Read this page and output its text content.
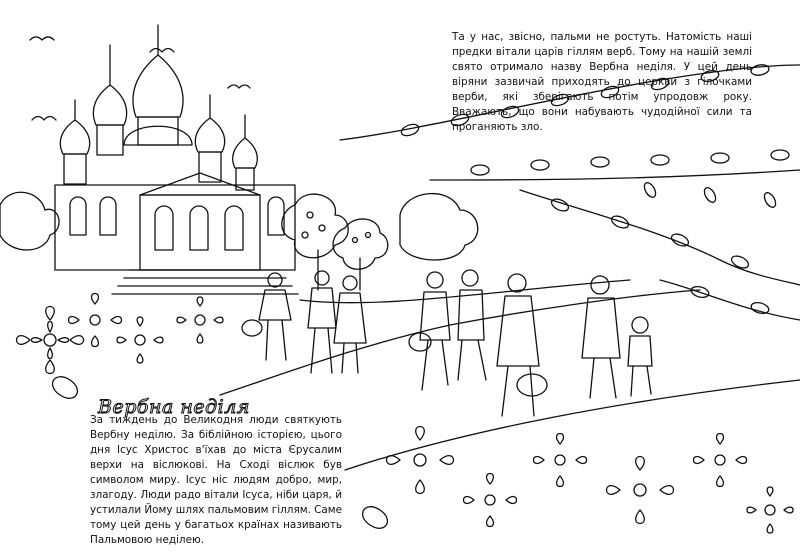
Вербна неділя

Та у нас, звісно, пальми не ростуть. Натомість наші предки вітали царів гіллям верб. Тому на нашій землі свято отримало назву Вербна неділя. У цей день віряни зазвичай приходять до церкви з гілочками верби, які зберігають потім упродовж року. Вважають, що вони набувають чудодійної сили та проганяють зло.

За тиждень до Великодня люди святкують Вербну неділю. За біблійною історією, цього дня Ісус Христос в'їхав до міста Єрусалим верхи на віслюкові. На Сході віслюк був символом миру. Ісус ніс людям добро, мир, злагоду. Люди радо вітали Ісуса, ніби царя, й устилали Йому шлях пальмовим гіллям. Саме тому цей день у багатьох країнах називають Пальмовою неділею.
